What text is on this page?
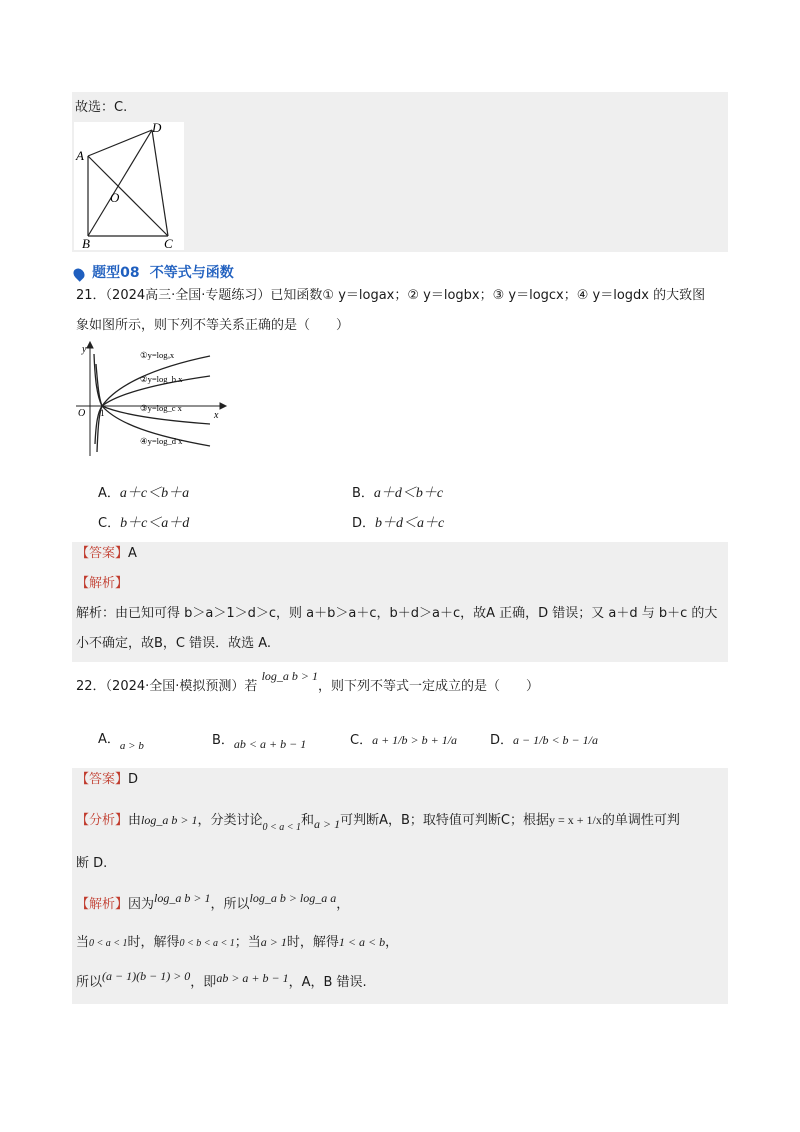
故选：C.
A
D
O
B	C
题型08 不等式与函数
21．（2024高三·全国·专题练习）已知函数① y＝logax；② y＝logbx；③ y＝logcx；④ y＝logdx 的大致图
象如图所示，则下列不等关系正确的是（　　）
y
x
O 1
①y=logₐx
②y=log_b x
③y=log_c x
④y=log_d x
A．a＋c＜b＋a	B．a＋d＜b＋c
C．b＋c＜a＋d	D．b＋d＜a＋c
【答案】A
【解析】
解析：由已知可得 b＞a＞1＞d＞c，则 a＋b＞a＋c，b＋d＞a＋c，故A 正确，D 错误；又 a＋d 与 b＋c 的大
小不确定，故B，C 错误．故选 A.
22．（2024·全国·模拟预测）若 log_a b > 1，则下列不等式一定成立的是（　　）
A．$_{a > b}$	B．ab < a + b − 1	C．a + 1/b > b + 1/a	D．a − 1/b < b − 1/a
【答案】D
【分析】由log_a b > 1，分类讨论$_{0 < a < 1}$和a > 1可判断A，B；取特值可判断C；根据y = x + 1/x的单调性可判
断 D.
【解析】因为log_a b > 1，所以log_a b > log_a a，
当0 < a < 1时，解得0 < b < a < 1；当a > 1时，解得1 < a < b，
所以(a − 1)(b − 1) > 0，即ab > a + b − 1，A，B 错误.
